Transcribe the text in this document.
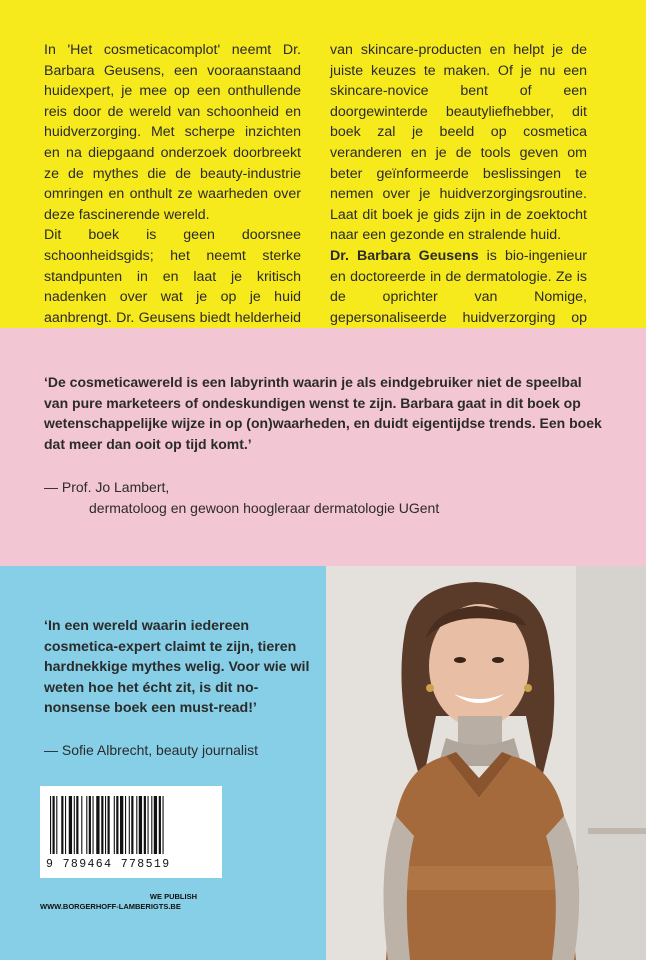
In 'Het cosmeticacomplot' neemt Dr. Barbara Geusens, een vooraanstaand huidexpert, je mee op een onthullende reis door de wereld van schoonheid en huidverzorging. Met scherpe inzichten en na diepgaand onderzoek doorbreekt ze de mythes die de beauty-industrie omringen en onthult ze waarheden over deze fascinerende wereld.

Dit boek is geen doorsnee schoonheidsgids; het neemt sterke standpunten in en laat je kritisch nadenken over wat je op je huid aanbrengt. Dr. Geusens biedt helderheid

van skincare-producten en helpt je de juiste keuzes te maken. Of je nu een skincare-novice bent of een doorgewinterde beautyliefhebber, dit boek zal je beeld op cosmetica veranderen en je de tools geven om beter geïnformeerde beslissingen te nemen over je huidverzorgingsroutine. Laat dit boek je gids zijn in de zoektocht naar een gezonde en stralende huid.

Dr. Barbara Geusens is bio-ingenieur en doctoreerde in de dermatologie. Ze is de oprichter van Nomige, gepersonaliseerde huidverzorging op

‘De cosmeticawereld is een labyrinth waarin je als eindgebruiker niet de speelbal van pure marketeers of ondeskundigen wenst te zijn. Barbara gaat in dit boek op wetenschappelijke wijze in op (on)waarheden, en duidt eigentijdse trends. Een boek dat meer dan ooit op tijd komt.’

— Prof. Jo Lambert,
dermatoloog en gewoon hoogleraar dermatologie UGent

‘In een wereld waarin iedereen cosmetica-expert claimt te zijn, tieren hardnekkige mythes welig. Voor wie wil weten hoe het écht zit, is dit no-nonsense boek een must-read!’

— Sofie Albrecht, beauty journalist

9 789464 778519
WE PUBLISH
WWW.BORGERHOFF-LAMBERIGTS.BE
